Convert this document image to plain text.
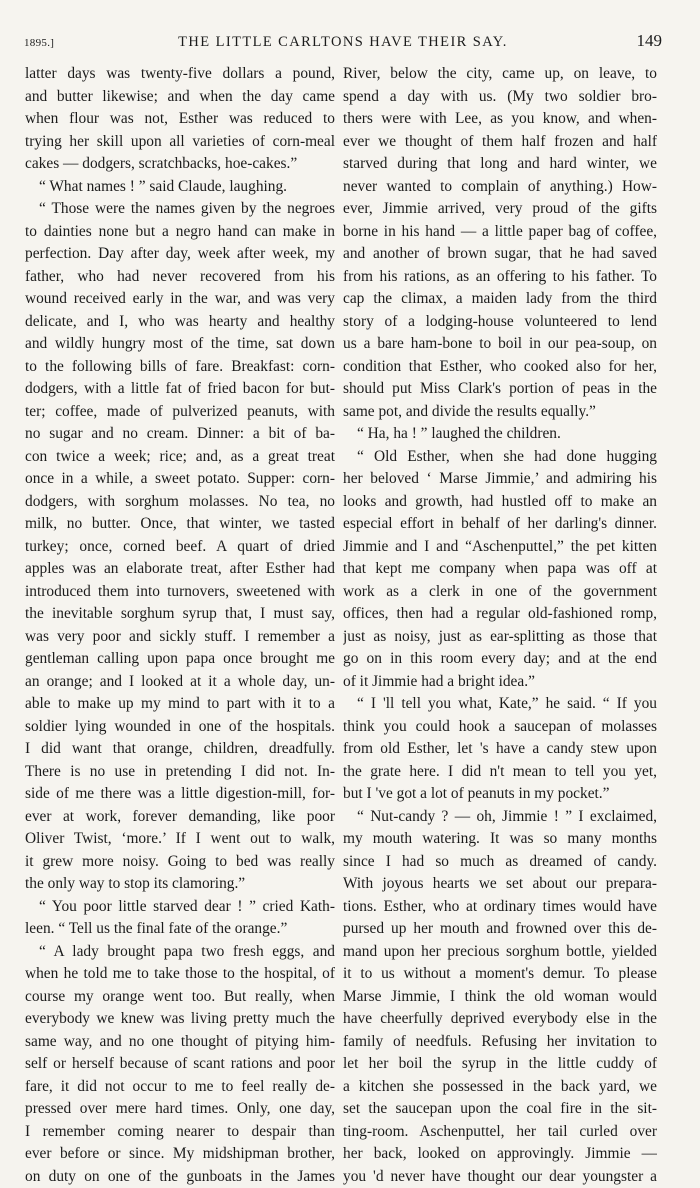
1895.]	THE LITTLE CARLTONS HAVE THEIR SAY.	149
latter days was twenty-five dollars a pound,
and butter likewise; and when the day came
when flour was not, Esther was reduced to
trying her skill upon all varieties of corn-meal
cakes — dodgers, scratchbacks, hoe-cakes.”
“ What names ! ” said Claude, laughing.
“ Those were the names given by the negroes
to dainties none but a negro hand can make in
perfection. Day after day, week after week, my
father, who had never recovered from his
wound received early in the war, and was very
delicate, and I, who was hearty and healthy
and wildly hungry most of the time, sat down
to the following bills of fare. Breakfast: corn-
dodgers, with a little fat of fried bacon for but-
ter; coffee, made of pulverized peanuts, with
no sugar and no cream. Dinner: a bit of ba-
con twice a week; rice; and, as a great treat
once in a while, a sweet potato. Supper: corn-
dodgers, with sorghum molasses. No tea, no
milk, no butter. Once, that winter, we tasted
turkey; once, corned beef. A quart of dried
apples was an elaborate treat, after Esther had
introduced them into turnovers, sweetened with
the inevitable sorghum syrup that, I must say,
was very poor and sickly stuff. I remember a
gentleman calling upon papa once brought me
an orange; and I looked at it a whole day, un-
able to make up my mind to part with it to a
soldier lying wounded in one of the hospitals.
I did want that orange, children, dreadfully.
There is no use in pretending I did not. In-
side of me there was a little digestion-mill, for-
ever at work, forever demanding, like poor
Oliver Twist, ‘more.’ If I went out to walk,
it grew more noisy. Going to bed was really
the only way to stop its clamoring.”
“ You poor little starved dear ! ” cried Kath-
leen. “ Tell us the final fate of the orange.”
“ A lady brought papa two fresh eggs, and
when he told me to take those to the hospital, of
course my orange went too. But really, when
everybody we knew was living pretty much the
same way, and no one thought of pitying him-
self or herself because of scant rations and poor
fare, it did not occur to me to feel really de-
pressed over mere hard times. Only, one day,
I remember coming nearer to despair than
ever before or since. My midshipman brother,
on duty on one of the gunboats in the James
River, below the city, came up, on leave, to
spend a day with us. (My two soldier bro-
thers were with Lee, as you know, and when-
ever we thought of them half frozen and half
starved during that long and hard winter, we
never wanted to complain of anything.) How-
ever, Jimmie arrived, very proud of the gifts
borne in his hand — a little paper bag of coffee,
and another of brown sugar, that he had saved
from his rations, as an offering to his father. To
cap the climax, a maiden lady from the third
story of a lodging-house volunteered to lend
us a bare ham-bone to boil in our pea-soup, on
condition that Esther, who cooked also for her,
should put Miss Clark's portion of peas in the
same pot, and divide the results equally.”
“ Ha, ha ! ” laughed the children.
“ Old Esther, when she had done hugging
her beloved ‘ Marse Jimmie,’ and admiring his
looks and growth, had hustled off to make an
especial effort in behalf of her darling's dinner.
Jimmie and I and “Aschenputtel,” the pet kitten
that kept me company when papa was off at
work as a clerk in one of the government
offices, then had a regular old-fashioned romp,
just as noisy, just as ear-splitting as those that
go on in this room every day; and at the end
of it Jimmie had a bright idea.”
“ I 'll tell you what, Kate,” he said. “ If you
think you could hook a saucepan of molasses
from old Esther, let 's have a candy stew upon
the grate here. I did n't mean to tell you yet,
but I 've got a lot of peanuts in my pocket.”
“ Nut-candy ? — oh, Jimmie ! ” I exclaimed,
my mouth watering. It was so many months
since I had so much as dreamed of candy.
With joyous hearts we set about our prepara-
tions. Esther, who at ordinary times would have
pursed up her mouth and frowned over this de-
mand upon her precious sorghum bottle, yielded
it to us without a moment's demur. To please
Marse Jimmie, I think the old woman would
have cheerfully deprived everybody else in the
family of needfuls. Refusing her invitation to
let her boil the syrup in the little cuddy of
a kitchen she possessed in the back yard, we
set the saucepan upon the coal fire in the sit-
ting-room. Aschenputtel, her tail curled over
her back, looked on approvingly. Jimmie —
you 'd never have thought our dear youngster a
